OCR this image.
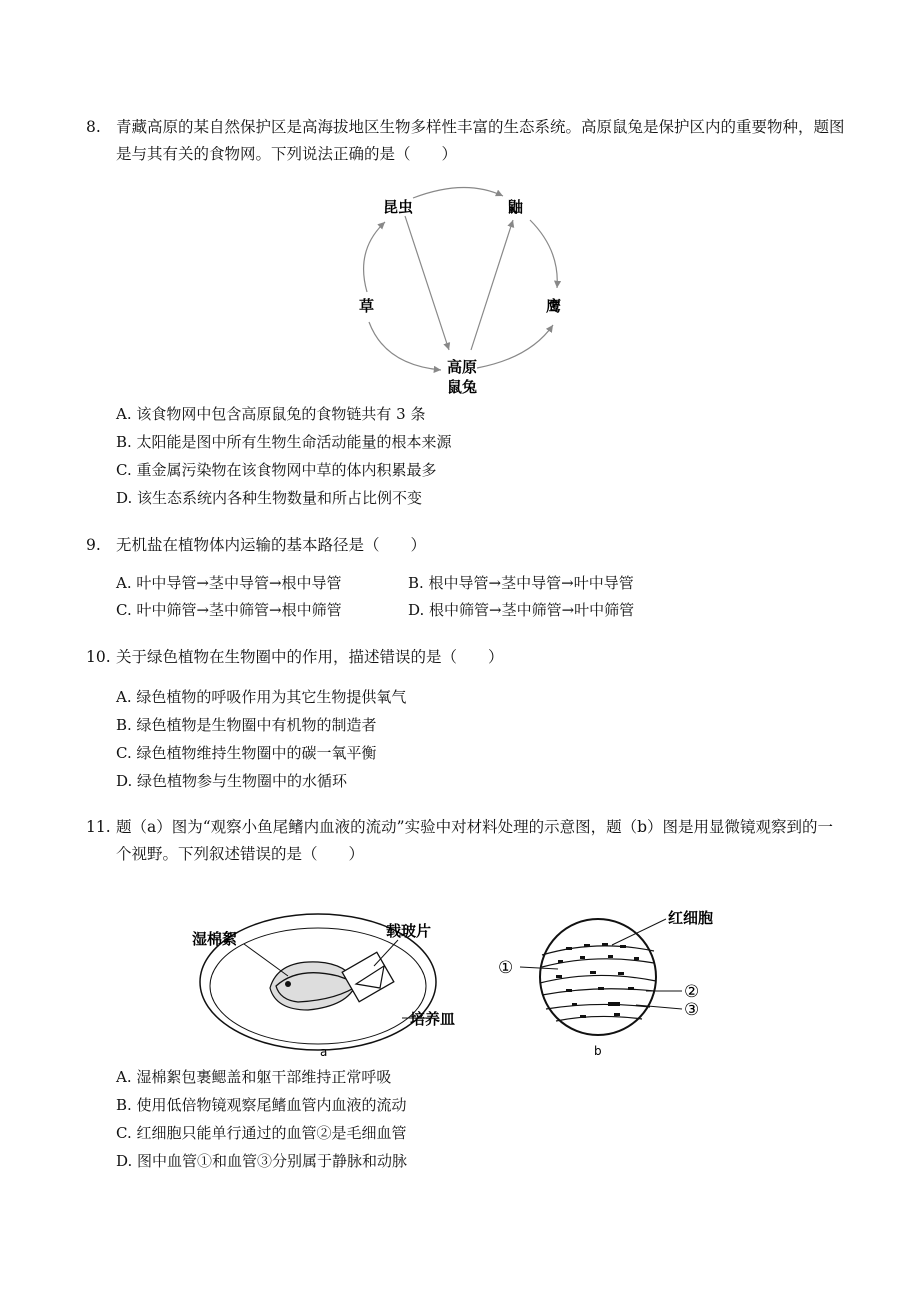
8. 青藏高原的某自然保护区是高海拔地区生物多样性丰富的生态系统。高原鼠兔是保护区内的重要物种，题图是与其有关的食物网。下列说法正确的是（　　）
昆虫	鼬
草	鹰
高原
鼠兔
A. 该食物网中包含高原鼠兔的食物链共有 3 条
B. 太阳能是图中所有生物生命活动能量的根本来源
C. 重金属污染物在该食物网中草的体内积累最多
D. 该生态系统内各种生物数量和所占比例不变
9. 无机盐在植物体内运输的基本路径是（　　）
A. 叶中导管→茎中导管→根中导管	B. 根中导管→茎中导管→叶中导管
C. 叶中筛管→茎中筛管→根中筛管	D. 根中筛管→茎中筛管→叶中筛管
10. 关于绿色植物在生物圈中的作用，描述错误的是（　　）
A. 绿色植物的呼吸作用为其它生物提供氧气
B. 绿色植物是生物圈中有机物的制造者
C. 绿色植物维持生物圈中的碳一氧平衡
D. 绿色植物参与生物圈中的水循环
11. 题（a）图为“观察小鱼尾鳍内血液的流动”实验中对材料处理的示意图，题（b）图是用显微镜观察到的一个视野。下列叙述错误的是（　　）
湿棉絮	载玻片
培养皿
a
红细胞
①
②
③
b
A. 湿棉絮包裹鳃盖和躯干部维持正常呼吸
B. 使用低倍物镜观察尾鳍血管内血液的流动
C. 红细胞只能单行通过的血管②是毛细血管
D. 图中血管①和血管③分别属于静脉和动脉
